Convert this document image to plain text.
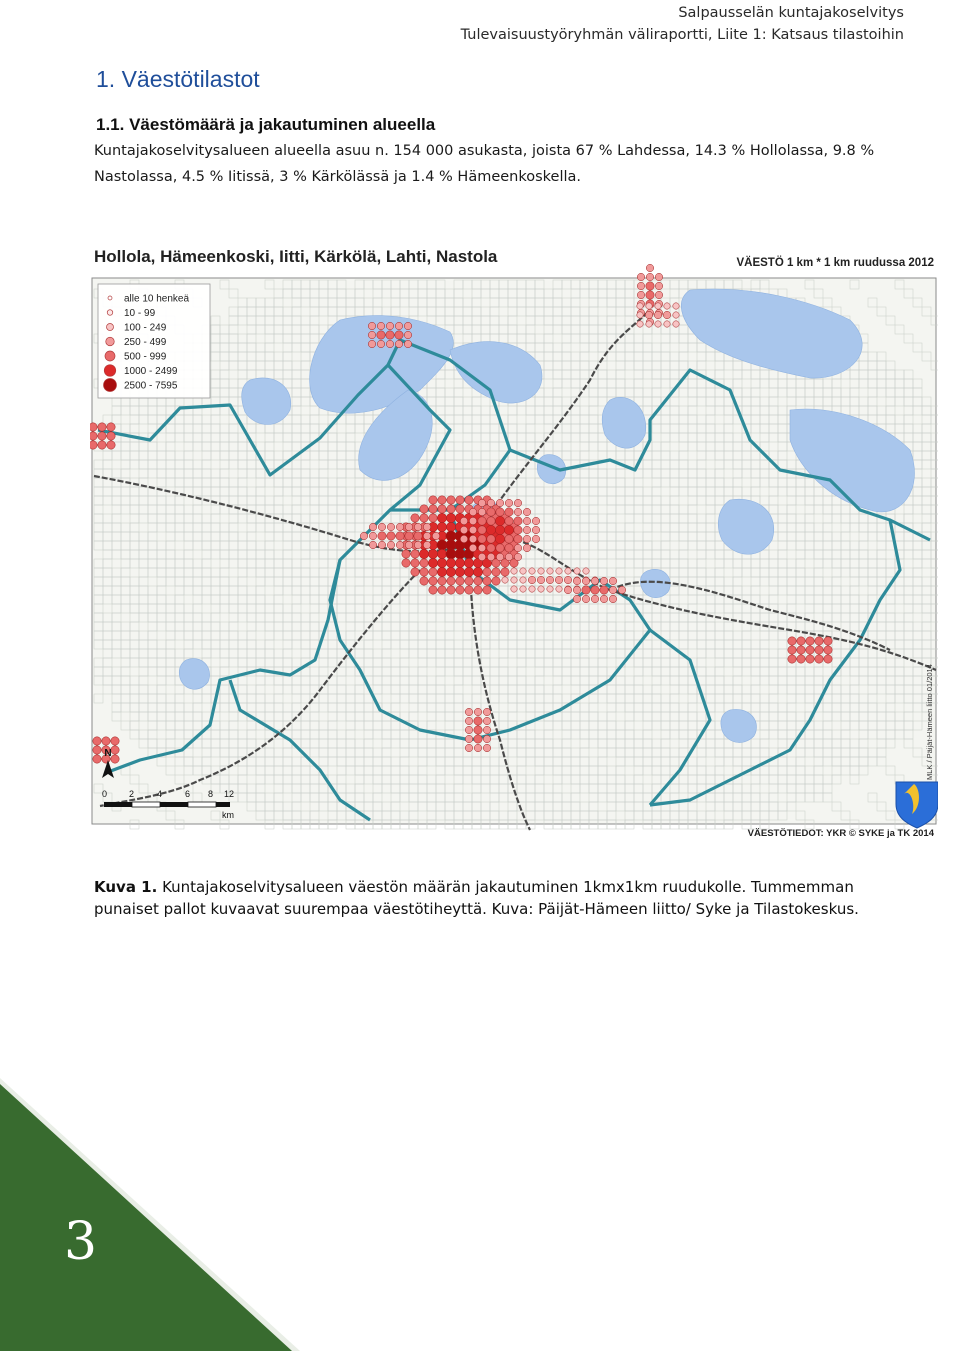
Salpausselän kuntajakoselvitys
Tulevaisuustyöryhmän väliraportti, Liite 1: Katsaus tilastoihin
1. Väestötilastot
1.1. Väestömäärä ja jakautuminen alueella

Kuntajakoselvitysalueen alueella asuu n. 154 000 asukasta, joista 67 % Lahdessa, 14.3 % Hollolassa, 9.8 % Nastolassa, 4.5 % Iitissä, 3 % Kärkölässä ja 1.4 % Hämeenkoskella.

Hollola, Hämeenkoski, Iitti, Kärkölä, Lahti, Nastola	VÄESTÖ 1 km * 1 km ruudussa 2012
alle 10 henkeä
10 - 99
100 - 249
250 - 499
500 - 999
1000 - 2499
2500 - 7595
N
0 2	4	6 8 12
km
MLK / Päijät-Hämeen liitto 01/2014
VÄESTÖTIEDOT: YKR © SYKE ja TK 2014

Kuva 1. Kuntajakoselvitysalueen väestön määrän jakautuminen 1kmx1km ruudukolle. Tummemman punaiset pallot kuvaavat suurempaa väestötiheyttä. Kuva: Päijät-Hämeen liitto/ Syke ja Tilastokeskus.

3
